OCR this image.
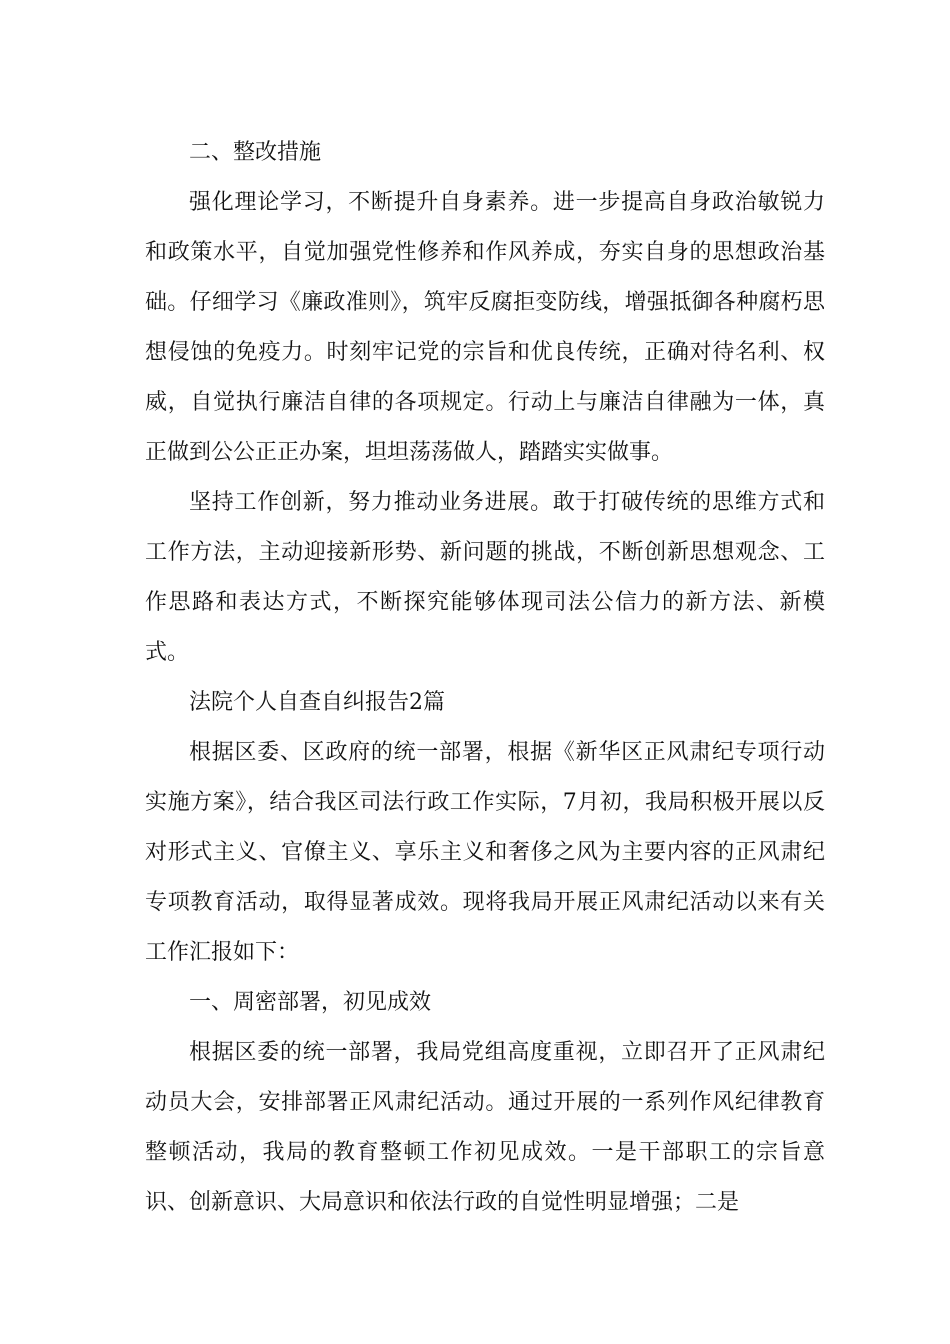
二、整改措施

强化理论学习，不断提升自身素养。进一步提高自身政治敏锐力和政策水平，自觉加强党性修养和作风养成，夯实自身的思想政治基础。仔细学习《廉政准则》，筑牢反腐拒变防线，增强抵御各种腐朽思想侵蚀的免疫力。时刻牢记党的宗旨和优良传统，正确对待名利、权威，自觉执行廉洁自律的各项规定。行动上与廉洁自律融为一体，真正做到公公正正办案，坦坦荡荡做人，踏踏实实做事。

坚持工作创新，努力推动业务进展。敢于打破传统的思维方式和工作方法，主动迎接新形势、新问题的挑战，不断创新思想观念、工作思路和表达方式，不断探究能够体现司法公信力的新方法、新模式。

法院个人自查自纠报告2篇

根据区委、区政府的统一部署，根据《新华区正风肃纪专项行动实施方案》，结合我区司法行政工作实际，7月初，我局积极开展以反对形式主义、官僚主义、享乐主义和奢侈之风为主要内容的正风肃纪专项教育活动，取得显著成效。现将我局开展正风肃纪活动以来有关工作汇报如下：

一、周密部署，初见成效

根据区委的统一部署，我局党组高度重视，立即召开了正风肃纪动员大会，安排部署正风肃纪活动。通过开展的一系列作风纪律教育整顿活动，我局的教育整顿工作初见成效。一是干部职工的宗旨意识、创新意识、大局意识和依法行政的自觉性明显增强；二是
